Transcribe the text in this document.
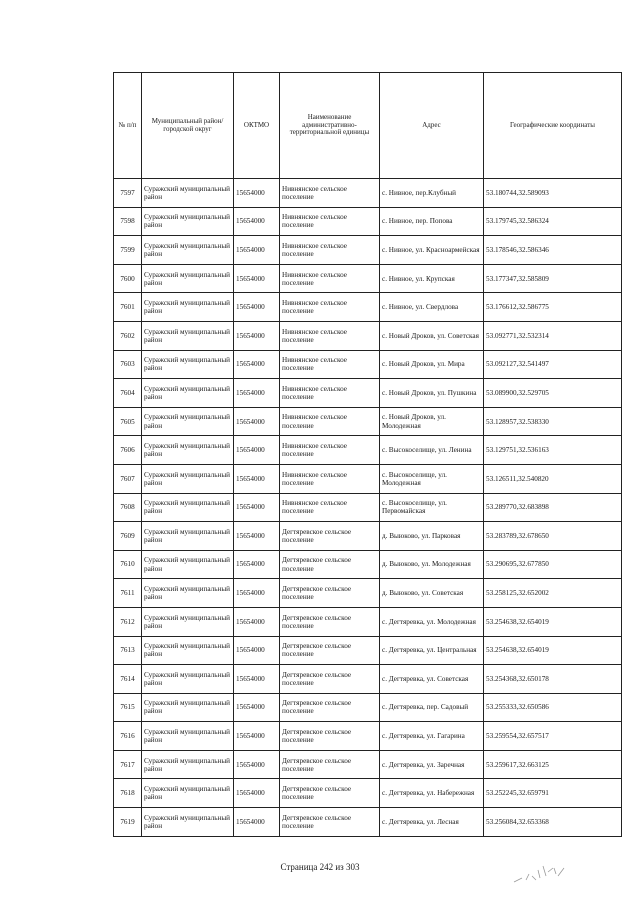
№ п/п	Муниципальный район/городской округ	ОКТМО	Наименование административно-территориальной единицы	Адрес	Географические координаты
7597	Суражский муниципальный район	15654000	Нивнянское сельское поселение	с. Нивное, пер.Клубный	53.180744,32.589093
7598	Суражский муниципальный район	15654000	Нивнянское сельское поселение	с. Нивное, пер. Попова	53.179745,32.586324
7599	Суражский муниципальный район	15654000	Нивнянское сельское поселение	с. Нивное, ул. Красноармейская	53.178546,32.586346
7600	Суражский муниципальный район	15654000	Нивнянское сельское поселение	с. Нивное, ул. Крупская	53.177347,32.585809
7601	Суражский муниципальный район	15654000	Нивнянское сельское поселение	с. Нивное, ул. Свердлова	53.176612,32.586775
7602	Суражский муниципальный район	15654000	Нивнянское сельское поселение	с. Новый Дроков, ул. Советская	53.092771,32.532314
7603	Суражский муниципальный район	15654000	Нивнянское сельское поселение	с. Новый Дроков, ул. Мира	53.092127,32.541497
7604	Суражский муниципальный район	15654000	Нивнянское сельское поселение	с. Новый Дроков, ул. Пушкина	53.089900,32.529705
7605	Суражский муниципальный район	15654000	Нивнянское сельское поселение	с. Новый Дроков, ул. Молодежная	53.128957,32.538330
7606	Суражский муниципальный район	15654000	Нивнянское сельское поселение	с. Высокоселище, ул. Ленина	53.129751,32.536163
7607	Суражский муниципальный район	15654000	Нивнянское сельское поселение	с. Высокоселище, ул. Молодежная	53.126511,32.540820
7608	Суражский муниципальный район	15654000	Нивнянское сельское поселение	с. Высокоселище, ул. Первомайская	53.289770,32.683898
7609	Суражский муниципальный район	15654000	Дегтяревское сельское поселение	д. Выюково, ул. Парковая	53.283789,32.678650
7610	Суражский муниципальный район	15654000	Дегтяревское сельское поселение	д. Выюково, ул. Молодежная	53.290695,32.677850
7611	Суражский муниципальный район	15654000	Дегтяревское сельское поселение	д. Выюково, ул. Советская	53.258125,32.652002
7612	Суражский муниципальный район	15654000	Дегтяревское сельское поселение	с. Дегтяревка, ул. Молодежная	53.254638,32.654019
7613	Суражский муниципальный район	15654000	Дегтяревское сельское поселение	с. Дегтяревка, ул. Центральная	53.254638,32.654019
7614	Суражский муниципальный район	15654000	Дегтяревское сельское поселение	с. Дегтяревка, ул. Советская	53.254368,32.650178
7615	Суражский муниципальный район	15654000	Дегтяревское сельское поселение	с. Дегтяревка, пер. Садовый	53.255333,32.650586
7616	Суражский муниципальный район	15654000	Дегтяревское сельское поселение	с. Дегтяревка, ул. Гагарина	53.259554,32.657517
7617	Суражский муниципальный район	15654000	Дегтяревское сельское поселение	с. Дегтяревка, ул. Заречная	53.259617,32.663125
7618	Суражский муниципальный район	15654000	Дегтяревское сельское поселение	с. Дегтяревка, ул. Набережная	53.252245,32.659791
7619	Суражский муниципальный район	15654000	Дегтяревское сельское поселение	с. Дегтяревка, ул. Лесная	53.256084,32.653368
Страница 242 из 303
